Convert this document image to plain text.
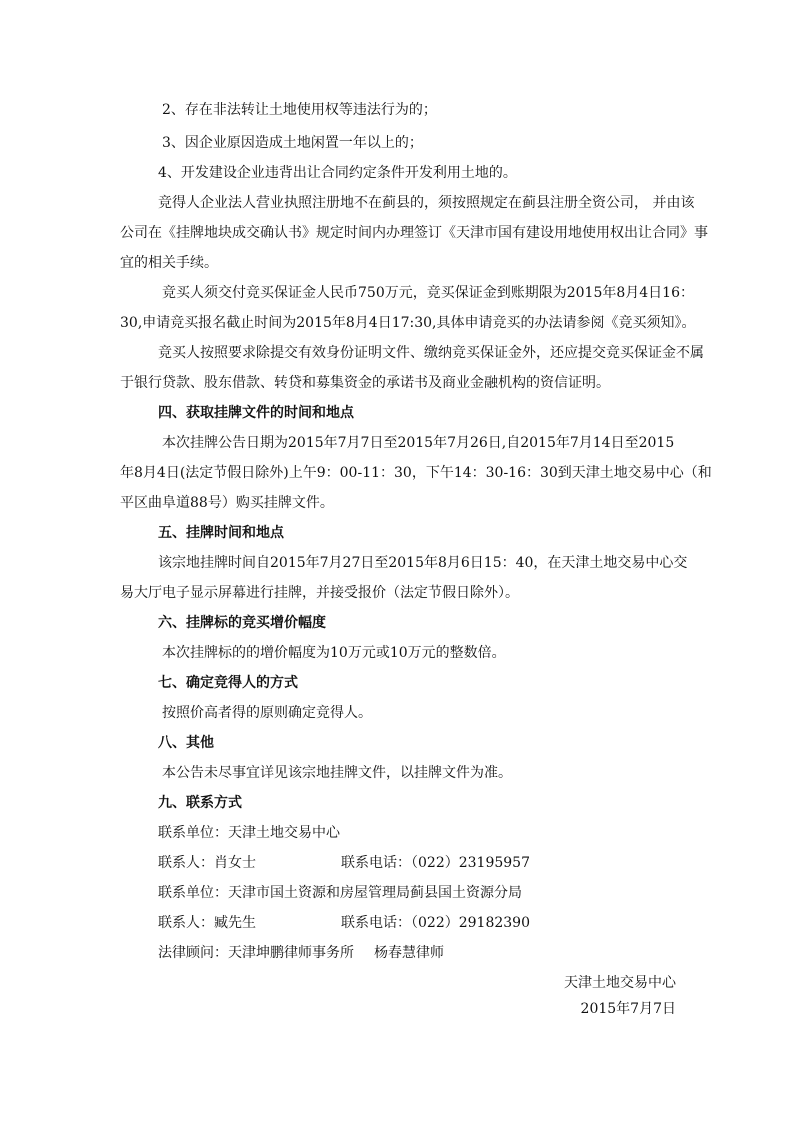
2、存在非法转让土地使用权等违法行为的；
3、因企业原因造成土地闲置一年以上的；
4、开发建设企业违背出让合同约定条件开发利用土地的。
竞得人企业法人营业执照注册地不在蓟县的，须按照规定在蓟县注册全资公司， 并由该
公司在《挂牌地块成交确认书》规定时间内办理签订《天津市国有建设用地使用权出让合同》事
宜的相关手续。
竞买人须交付竞买保证金人民币750万元，竞买保证金到账期限为2015年8月4日16：
30,申请竞买报名截止时间为2015年8月4日17:30,具体申请竞买的办法请参阅《竞买须知》。
竞买人按照要求除提交有效身份证明文件、缴纳竞买保证金外，还应提交竞买保证金不属
于银行贷款、股东借款、转贷和募集资金的承诺书及商业金融机构的资信证明。
四、获取挂牌文件的时间和地点
本次挂牌公告日期为2015年7月7日至2015年7月26日,自2015年7月14日至2015
年8月4日(法定节假日除外)上午9：00-11：30，下午14：30-16：30到天津土地交易中心（和
平区曲阜道88号）购买挂牌文件。
五、挂牌时间和地点
该宗地挂牌时间自2015年7月27日至2015年8月6日15：40，在天津土地交易中心交
易大厅电子显示屏幕进行挂牌，并接受报价（法定节假日除外）。
六、挂牌标的竞买增价幅度
本次挂牌标的的增价幅度为10万元或10万元的整数倍。
七、确定竞得人的方式
按照价高者得的原则确定竞得人。
八、其他
本公告未尽事宜详见该宗地挂牌文件，以挂牌文件为准。
九、联系方式
联系单位：天津土地交易中心
联系人：肖女士	联系电话：（022）23195957
联系单位：天津市国土资源和房屋管理局蓟县国土资源分局
联系人：臧先生	联系电话：（022）29182390
法律顾问：天津坤鹏律师事务所 杨春慧律师
天津土地交易中心
2015年7月7日
